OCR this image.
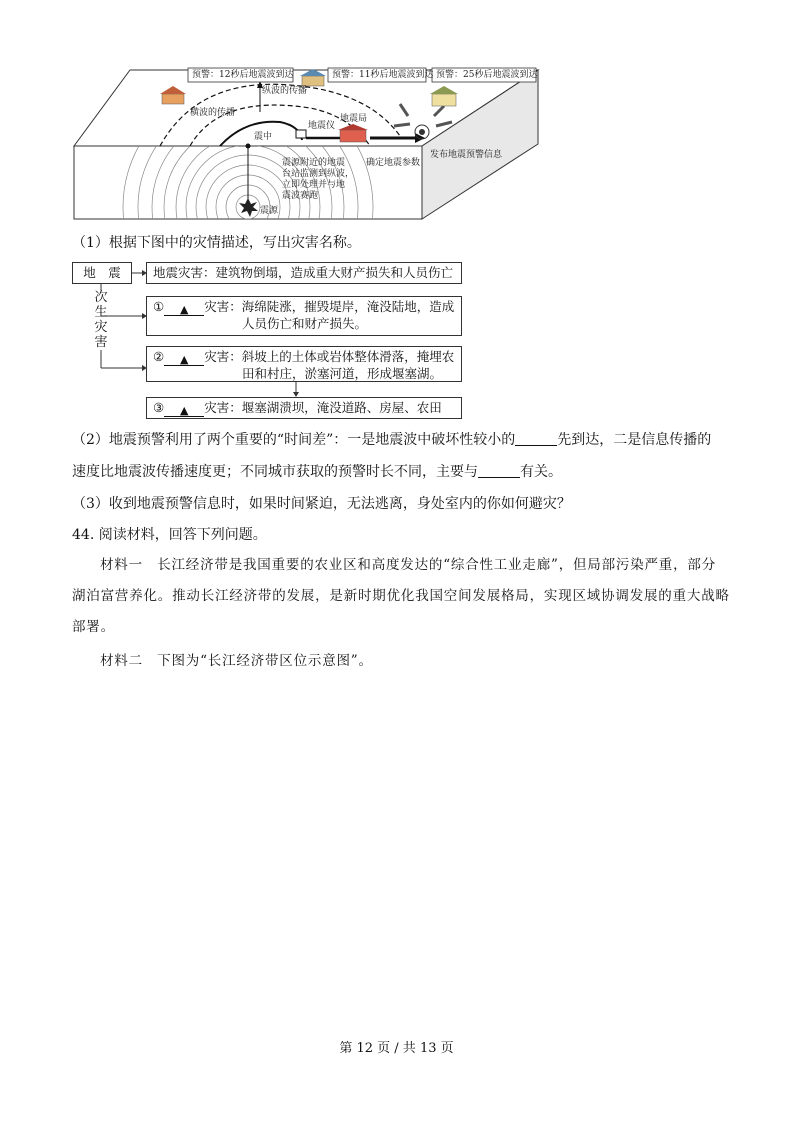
预警：12秒后地震波到达	预警：11秒后地震波到达 预警：25秒后地震波到达
纵波的传播
横波的传播
震中
震源
地震仪
地震局
震源附近的地震
台站监测到纵波，
立即处理并与地
震波赛跑
确定地震参数
发布地震预警信息
（1）根据下图中的灾情描述，写出灾害名称。
地　震
次
生
灾
害
地震灾害：建筑物倒塌，造成重大财产损失和人员伤亡
① ▲ 灾害：海绵陡涨，摧毁堤岸，淹没陆地，造成
人员伤亡和财产损失。
② ▲ 灾害：斜坡上的土体或岩体整体滑落，掩埋农
田和村庄，淤塞河道，形成堰塞湖。
③ ▲ 灾害：堰塞湖溃坝，淹没道路、房屋、农田
（2）地震预警利用了两个重要的“时间差”：一是地震波中破坏性较小的	先到达，二是信息传播的
速度比地震波传播速度更；不同城市获取的预警时长不同，主要与	有关。
（3）收到地震预警信息时，如果时间紧迫，无法逃离，身处室内的你如何避灾？
44. 阅读材料，回答下列问题。
材料一　长江经济带是我国重要的农业区和高度发达的“综合性工业走廊”，但局部污染严重，部分
湖泊富营养化。推动长江经济带的发展，是新时期优化我国空间发展格局，实现区域协调发展的重大战略
部署。
材料二　下图为“长江经济带区位示意图”。
第 12 页 / 共 13 页
